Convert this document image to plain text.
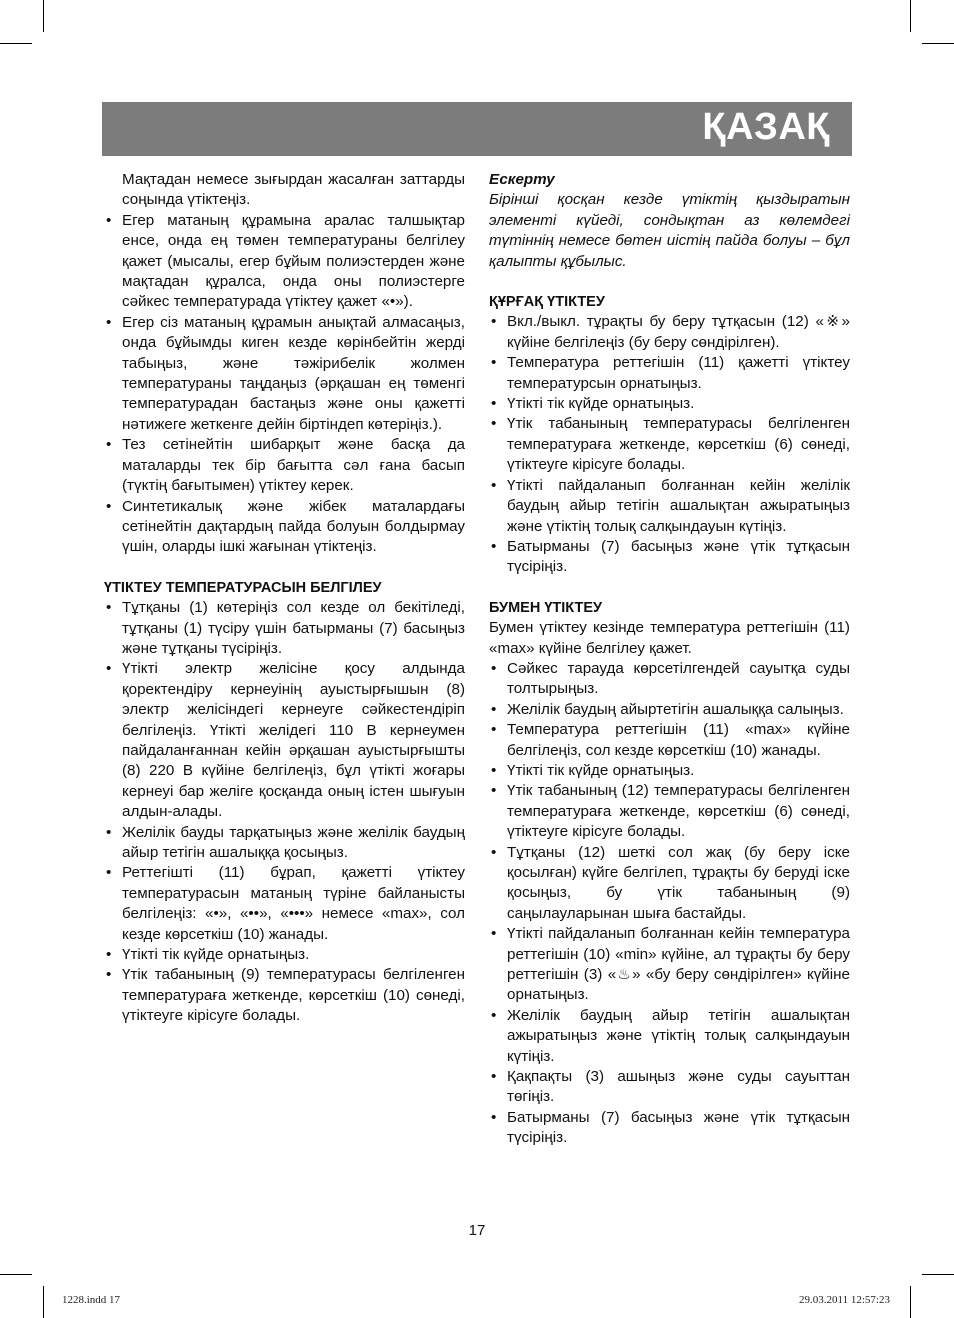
ҚАЗАҚ

Мақтадан немесе зығырдан жасалған заттарды соңында үтіктеңіз.

• Егер матаның құрамына аралас талшықтар енсе, онда ең төмен температураны белгілеу қажет (мысалы, егер бұйым полиэстерден және мақтадан құралса, онда оны полиэстерге сәйкес температурада үтіктеу қажет «•»).
• Егер сіз матаның құрамын анықтай алмасаңыз, онда бұйымды киген кезде көрінбейтін жерді табыңыз, және тәжірибелік жолмен температураны таңдаңыз (әрқашан ең төменгі температурадан бастаңыз және оны қажетті нәтижеге жеткенге дейін біртіндеп көтеріңіз.).
• Тез сетінейтін шибарқыт және басқа да маталарды тек бір бағытта сәл ғана басып (түктің бағытымен) үтіктеу керек.
• Синтетикалық және жібек маталардағы сетінейтін дақтардың пайда болуын болдырмау үшін, оларды ішкі жағынан үтіктеңіз.
ҮТІКТЕУ ТЕМПЕРАТУРАСЫН БЕЛГІЛЕУ
• Тұтқаны (1) көтеріңіз сол кезде ол бекітіледі, тұтқаны (1) түсіру үшін батырманы (7) басыңыз және тұтқаны түсіріңіз.
• Үтікті электр желісіне қосу алдында қоректендіру кернеуінің ауыстырғышын (8) электр желісіндегі кернеуге сәйкестендіріп белгілеңіз. Үтікті желідегі 110 В кернеумен пайдаланғаннан кейін әрқашан ауыстырғышты (8) 220 В күйіне белгілеңіз, бұл үтікті жоғары кернеуі бар желіге қосқанда оның істен шығуын алдын-алады.
• Желілік бауды тарқатыңыз және желілік баудың айыр тетігін ашалыққа қосыңыз.
• Реттегішті (11) бұрап, қажетті үтіктеу температурасын матаның түріне байланысты белгілеңіз: «•», «••», «•••» немесе «max», сол кезде көрсеткіш (10) жанады.
• Үтікті тік күйде орнатыңыз.
• Үтік табанының (9) температурасы белгіленген температураға жеткенде, көрсеткіш (10) сөнеді, үтіктеуге кірісуге болады.
Ескерту

Бірінші қосқан кезде үтіктің қыздыратын элементі күйеді, сондықтан аз көлемдегі түтіннің немесе бөтен иістің пайда болуы – бұл қалыпты құбылыс.

ҚҰРҒАҚ ҮТІКТЕУ
• Вкл./выкл. тұрақты бу беру тұтқасын (12) «※» күйіне белгілеңіз (бу беру сөндірілген).
• Температура реттегішін (11) қажетті үтіктеу температурсын орнатыңыз.
• Үтікті тік күйде орнатыңыз.
• Үтік табанының температурасы белгіленген температураға жеткенде, көрсеткіш (6) сөнеді, үтіктеуге кірісуге болады.
• Үтікті пайдаланып болғаннан кейін желілік баудың айыр тетігін ашалықтан ажыратыңыз және үтіктің толық салқындауын күтіңіз.
• Батырманы (7) басыңыз және үтік тұтқасын түсіріңіз.
БУМЕН ҮТІКТЕУ

Бумен үтіктеу кезінде температура реттегішін (11) «max» күйіне белгілеу қажет.

• Сәйкес тарауда көрсетілгендей сауытқа суды толтырыңыз.
• Желілік баудың айыртетігін ашалыққа салыңыз.
• Температура реттегішін (11) «max» күйіне белгілеңіз, сол кезде көрсеткіш (10) жанады.
• Үтікті тік күйде орнатыңыз.
• Үтік табанының (12) температурасы белгіленген температураға жеткенде, көрсеткіш (6) сөнеді, үтіктеуге кірісуге болады.
• Тұтқаны (12) шеткі сол жақ (бу беру іске қосылған) күйге белгілеп, тұрақты бу беруді іске қосыңыз, бу үтік табанының (9) саңылауларынан шыға бастайды.
• Үтікті пайдаланып болғаннан кейін температура реттегішін (10) «min» күйіне, ал тұрақты бу беру реттегішін (3) «♨» «бу беру сөндірілген» күйіне орнатыңыз.
• Желілік баудың айыр тетігін ашалықтан ажыратыңыз және үтіктің толық салқындауын күтіңіз.
• Қақпақты (3) ашыңыз және суды сауыттан төгіңіз.
• Батырманы (7) басыңыз және үтік тұтқасын түсіріңіз.
17
1228.indd 17	29.03.2011 12:57:23
